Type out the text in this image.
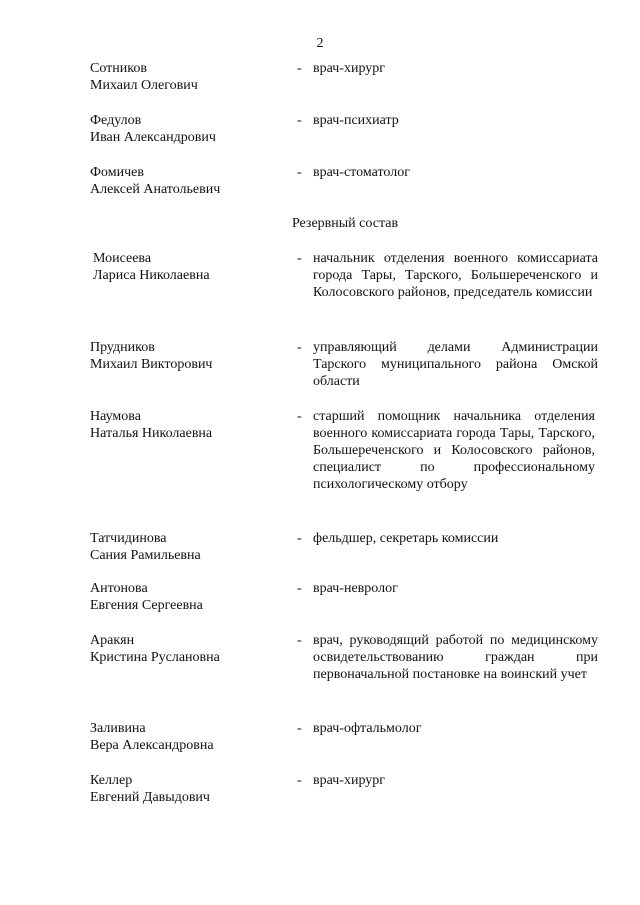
2
Сотников
Михаил Олегович
- врач-хирург
Федулов
Иван Александрович
- врач-психиатр
Фомичев
Алексей Анатольевич
- врач-стоматолог
Резервный состав
Моисеева
Лариса Николаевна
- начальник отделения военного комиссариата города Тары, Тарского, Большереченского и Колосовского районов, председатель комиссии
Прудников
Михаил Викторович
- управляющий делами Администрации Тарского муниципального района Омской области
Наумова
Наталья Николаевна
- старший помощник начальника отделения военного комиссариата города Тары, Тарского, Большереченского и Колосовского районов, специалист по профессиональному психологическому отбору
Татчидинова
Сания Рамильевна
- фельдшер, секретарь комиссии
Антонова
Евгения Сергеевна
- врач-невролог
Аракян
Кристина Руслановна
- врач, руководящий работой по медицинскому освидетельствованию граждан при первоначальной постановке на воинский учет
Заливина
Вера Александровна
- врач-офтальмолог
Келлер
Евгений Давыдович
- врач-хирург
